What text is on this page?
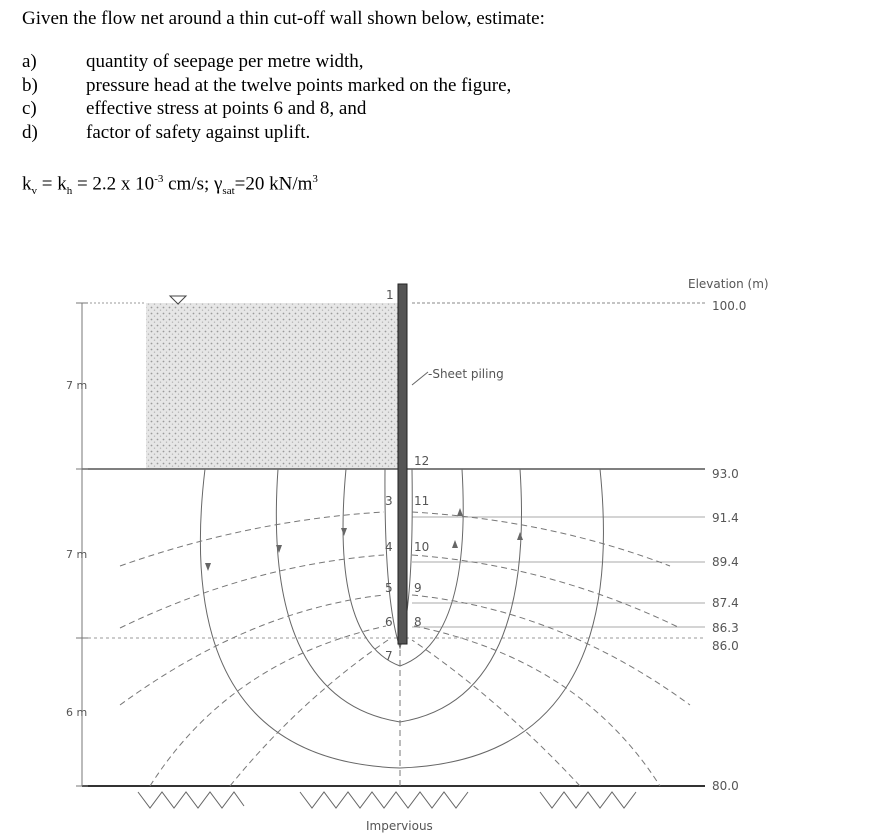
Given the flow net around a thin cut-off wall shown below, estimate:
a)	quantity of seepage per metre width,
b)	pressure head at the twelve points marked on the figure,
c)	effective stress at points 6 and 8, and
d)	factor of safety against uplift.
$k_v = k_h = 2.2$ x $10^{-3}$ cm/s; $\gamma_{sat}=20$ $kN/m^3$
7 m
7 m
6 m
Elevation (m)
100.0
93.0
91.4
89.4
87.4
86.3
86.0
80.0
-Sheet piling
Impervious
1
12
3 11
4 10
5 9
6 8
7
